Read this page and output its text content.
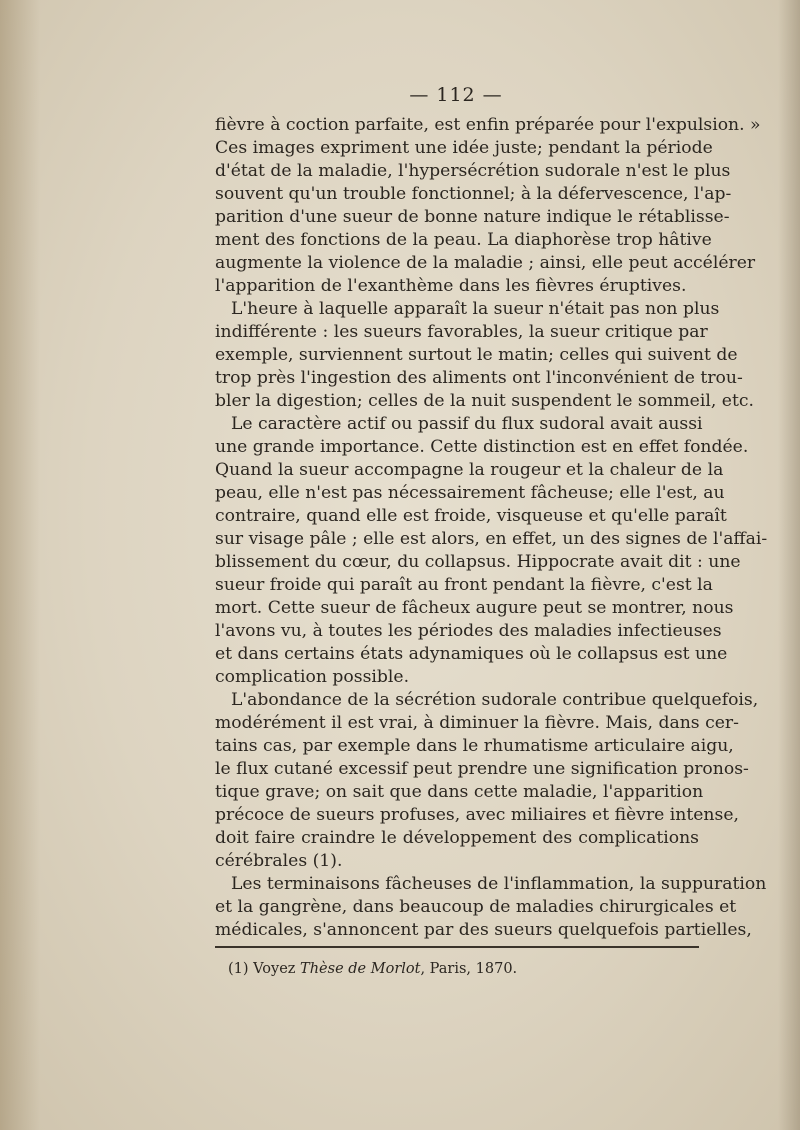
— 112 —
fièvre à coction parfaite, est enfin préparée pour l'expulsion. »
Ces images expriment une idée juste; pendant la période
d'état de la maladie, l'hypersécrétion sudorale n'est le plus
souvent qu'un trouble fonctionnel; à la défervescence, l'ap-
parition d'une sueur de bonne nature indique le rétablisse-
ment des fonctions de la peau. La diaphorèse trop hâtive
augmente la violence de la maladie ; ainsi, elle peut accélérer
l'apparition de l'exanthème dans les fièvres éruptives.
L'heure à laquelle apparaît la sueur n'était pas non plus
indifférente : les sueurs favorables, la sueur critique par
exemple, surviennent surtout le matin; celles qui suivent de
trop près l'ingestion des aliments ont l'inconvénient de trou-
bler la digestion; celles de la nuit suspendent le sommeil, etc.
Le caractère actif ou passif du flux sudoral avait aussi
une grande importance. Cette distinction est en effet fondée.
Quand la sueur accompagne la rougeur et la chaleur de la
peau, elle n'est pas nécessairement fâcheuse; elle l'est, au
contraire, quand elle est froide, visqueuse et qu'elle paraît
sur visage pâle ; elle est alors, en effet, un des signes de l'affai-
blissement du cœur, du collapsus. Hippocrate avait dit : une
sueur froide qui paraît au front pendant la fièvre, c'est la
mort. Cette sueur de fâcheux augure peut se montrer, nous
l'avons vu, à toutes les périodes des maladies infectieuses
et dans certains états adynamiques où le collapsus est une
complication possible.
L'abondance de la sécrétion sudorale contribue quelquefois,
modérément il est vrai, à diminuer la fièvre. Mais, dans cer-
tains cas, par exemple dans le rhumatisme articulaire aigu,
le flux cutané excessif peut prendre une signification pronos-
tique grave; on sait que dans cette maladie, l'apparition
précoce de sueurs profuses, avec miliaires et fièvre intense,
doit faire craindre le développement des complications
cérébrales (1).
Les terminaisons fâcheuses de l'inflammation, la suppuration
et la gangrène, dans beaucoup de maladies chirurgicales et
médicales, s'annoncent par des sueurs quelquefois partielles,
(1) Voyez Thèse de Morlot, Paris, 1870.
